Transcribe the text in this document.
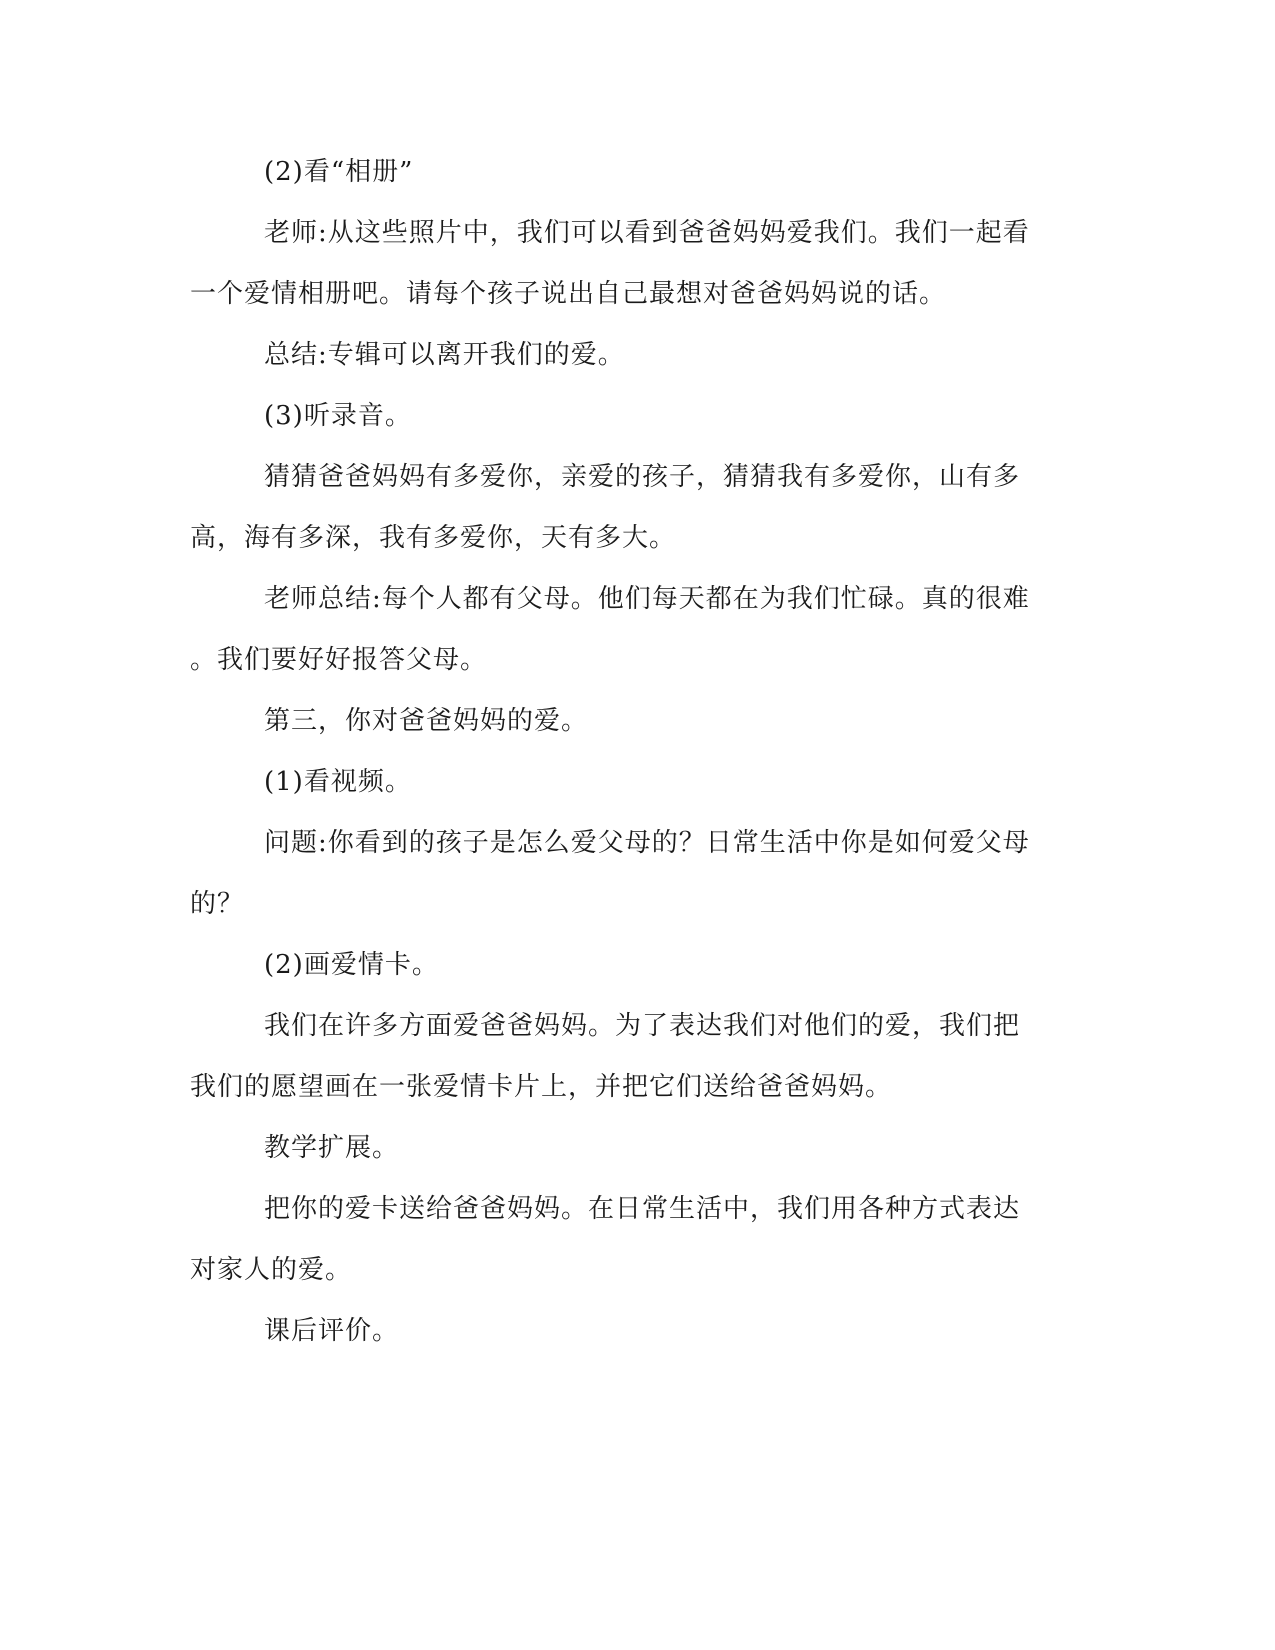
(2)看“相册”
老师:从这些照片中，我们可以看到爸爸妈妈爱我们。我们一起看
一个爱情相册吧。请每个孩子说出自己最想对爸爸妈妈说的话。
总结:专辑可以离开我们的爱。
(3)听录音。
猜猜爸爸妈妈有多爱你，亲爱的孩子，猜猜我有多爱你，山有多
高，海有多深，我有多爱你，天有多大。
老师总结:每个人都有父母。他们每天都在为我们忙碌。真的很难
。我们要好好报答父母。
第三，你对爸爸妈妈的爱。
(1)看视频。
问题:你看到的孩子是怎么爱父母的？日常生活中你是如何爱父母
的？
(2)画爱情卡。
我们在许多方面爱爸爸妈妈。为了表达我们对他们的爱，我们把
我们的愿望画在一张爱情卡片上，并把它们送给爸爸妈妈。
教学扩展。
把你的爱卡送给爸爸妈妈。在日常生活中，我们用各种方式表达
对家人的爱。
课后评价。
